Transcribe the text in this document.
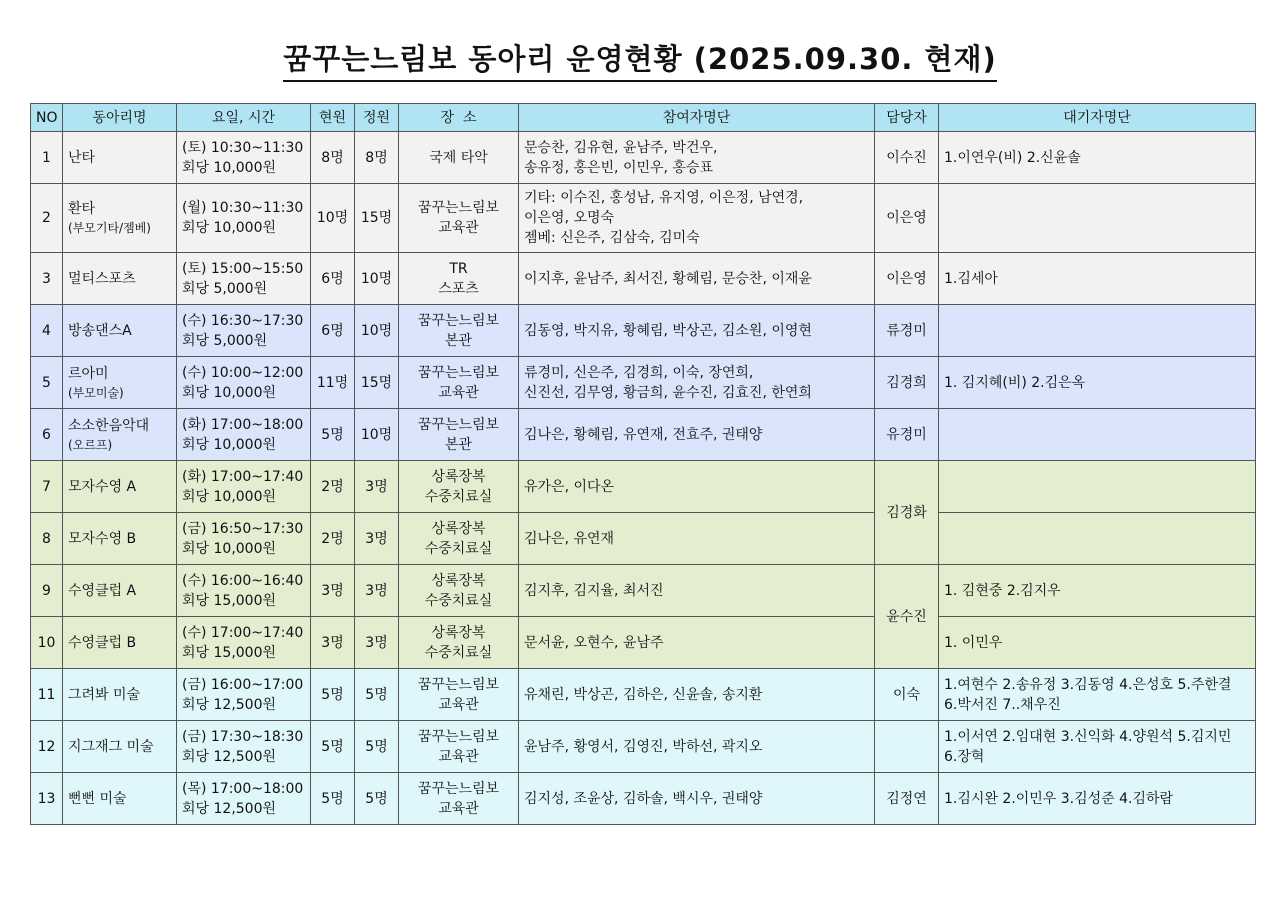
꿈꾸는느림보 동아리 운영현황 (2025.09.30. 현재)
NO	동아리명	요일, 시간	현원	정원	장  소	참여자명단	담당자	대기자명단
1	난타	(토) 10:30~11:30
회당 10,000원	8명	8명	국제 타악	문승찬, 김유현, 윤남주, 박건우,
송유정, 홍은빈, 이민우, 홍승표	이수진	1.이연우(비) 2.신윤솔

2	환타
(부모기타/젬베)	(월) 10:30~11:30
회당 10,000원	10명	15명	꿈꾸는느림보
교육관	기타: 이수진, 홍성남, 유지영, 이은정, 남연경,
이은영, 오명숙
젬베: 신은주, 김삼숙, 김미숙	이은영	
3	멀티스포츠	(토) 15:00~15:50
회당 5,000원	6명	10명	TR
스포츠	이지후, 윤남주, 최서진, 황혜림, 문승찬, 이재윤	이은영	1.김세아

4	방송댄스A	(수) 16:30~17:30
회당 5,000원	6명	10명	꿈꾸는느림보
본관	김동영, 박지유, 황혜림, 박상곤, 김소원, 이영현	류경미	
5	르아미
(부모미술)	(수) 10:00~12:00
회당 10,000원	11명	15명	꿈꾸는느림보
교육관	류경미, 신은주, 김경희, 이숙, 장연희,
신진선, 김무영, 황금희, 윤수진, 김효진, 한연희	김경희	1. 김지혜(비) 2.김은옥

6	소소한음악대
(오르프)	(화) 17:00~18:00
회당 10,000원	5명	10명	꿈꾸는느림보
본관	김나은, 황혜림, 유연재, 전효주, 권태양	유경미	
7	모자수영 A	(화) 17:00~17:40
회당 10,000원	2명	3명	상록장복
수중치료실	유가은, 이다온	김경화	
8	모자수영 B	(금) 16:50~17:30
회당 10,000원	2명	3명	상록장복
수중치료실	김나은, 유연재		

9	수영클럽 A	(수) 16:00~16:40
회당 15,000원	3명	3명	상록장복
수중치료실	김지후, 김지율, 최서진	윤수진	1. 김현중 2.김지우

10	수영클럽 B	(수) 17:00~17:40
회당 15,000원	3명	3명	상록장복
수중치료실	문서윤, 오현수, 윤남주		1. 이민우

11	그려봐 미술	(금) 16:00~17:00
회당 12,500원	5명	5명	꿈꾸는느림보
교육관	유채린, 박상곤, 김하은, 신윤솔, 송지환	이숙	1.여현수 2.송유정 3.김동영 4.은성호 5.주한결
6.박서진 7..채우진

12	지그재그 미술	(금) 17:30~18:30
회당 12,500원	5명	5명	꿈꾸는느림보
교육관	윤남주, 황영서, 김영진, 박하선, 곽지오		1.이서연 2.임대현 3.신익화 4.양원석 5.김지민
6.장혁

13	뻔뻔 미술	(목) 17:00~18:00
회당 12,500원	5명	5명	꿈꾸는느림보
교육관	김지성, 조윤상, 김하솔, 백시우, 권태양	김정연	1.김시완 2.이민우 3.김성준 4.김하람
